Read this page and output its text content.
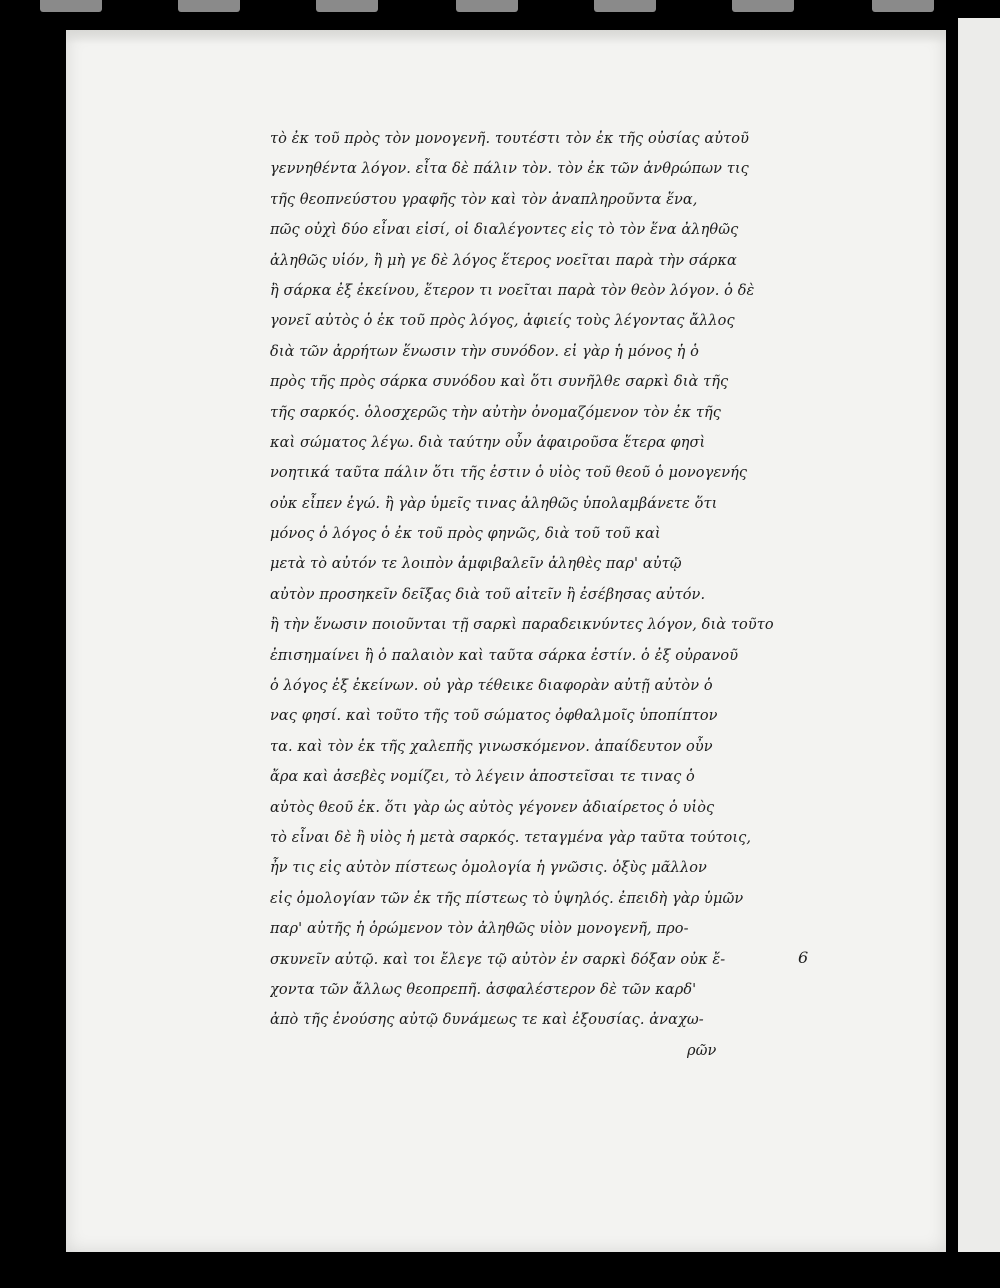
τὸ ἐκ τοῦ πρὸς τὸν μονογενῆ. τουτέστι τὸν ἐκ τῆς οὐσίας αὐτοῦ
γεννηθέντα λόγον. εἶτα δὲ πάλιν τὸν. τὸν ἐκ τῶν ἀνθρώπων τις
τῆς θεοπνεύστου γραφῆς τὸν καὶ τὸν ἀναπληροῦντα ἕνα,
πῶς οὐχὶ δύο εἶναι εἰσί, οἱ διαλέγοντες εἰς τὸ τὸν ἕνα ἀληθῶς
ἀληθῶς υἱόν, ἢ μὴ γε δὲ λόγος ἕτερος νοεῖται παρὰ τὴν σάρκα
ἢ σάρκα ἐξ ἐκείνου, ἕτερον τι νοεῖται παρὰ τὸν θεὸν λόγον. ὁ δὲ
γονεῖ αὐτὸς ὁ ἐκ τοῦ πρὸς λόγος, ἀφιείς τοὺς λέγοντας ἄλλος
διὰ τῶν ἀρρήτων ἕνωσιν τὴν συνόδον. εἰ γὰρ ἡ μόνος ἡ ὁ
πρὸς τῆς πρὸς σάρκα συνόδου καὶ ὅτι συνῆλθε σαρκὶ διὰ τῆς
τῆς σαρκός. ὁλοσχερῶς τὴν αὐτὴν ὀνομαζόμενον τὸν ἐκ τῆς
καὶ σώματος λέγω. διὰ ταύτην οὖν ἀφαιροῦσα ἕτερα φησὶ
νοητικά ταῦτα πάλιν ὅτι τῆς ἐστιν ὁ υἱὸς τοῦ θεοῦ ὁ μονογενής
οὐκ εἶπεν ἐγώ. ἢ γὰρ ὑμεῖς τινας ἀληθῶς ὑπολαμβάνετε ὅτι
μόνος ὁ λόγος ὁ ἐκ τοῦ πρὸς φηνῶς, διὰ τοῦ τοῦ καὶ
μετὰ τὸ αὐτόν τε λοιπὸν ἀμφιβαλεῖν ἀληθὲς παρ' αὐτῷ
αὐτὸν προσηκεῖν δεῖξας διὰ τοῦ αἰτεῖν ἢ ἐσέβησας αὐτόν.
ἢ τὴν ἕνωσιν ποιοῦνται τῇ σαρκὶ παραδεικνύντες λόγον, διὰ τοῦτο
ἐπισημαίνει ἢ ὁ παλαιὸν καὶ ταῦτα σάρκα ἐστίν. ὁ ἐξ οὐρανοῦ
ὁ λόγος ἐξ ἐκείνων. οὐ γὰρ τέθεικε διαφορὰν αὐτῇ αὐτὸν ὁ
νας φησί. καὶ τοῦτο τῆς τοῦ σώματος ὀφθαλμοῖς ὑποπίπτον
τα. καὶ τὸν ἐκ τῆς χαλεπῆς γινωσκόμενον. ἀπαίδευτον οὖν
ἄρα καὶ ἀσεβὲς νομίζει, τὸ λέγειν ἀποστεῖσαι τε τινας ὁ
αὐτὸς θεοῦ ἐκ. ὅτι γὰρ ὡς αὐτὸς γέγονεν ἀδιαίρετος ὁ υἱὸς
τὸ εἶναι δὲ ἢ υἱὸς ἡ μετὰ σαρκός. τεταγμένα γὰρ ταῦτα τούτοις,
ἦν τις εἰς αὐτὸν πίστεως ὁμολογία ἡ γνῶσις. ὀξὺς μᾶλλον
εἰς ὁμολογίαν τῶν ἐκ τῆς πίστεως τὸ ὑψηλός. ἐπειδὴ γὰρ ὑμῶν
παρ' αὐτῆς ἡ ὁρώμενον τὸν ἀληθῶς υἱὸν μονογενῆ, προ-
σκυνεῖν αὐτῷ. καὶ τοι ἔλεγε τῷ αὐτὸν ἐν σαρκὶ δόξαν οὐκ ἔ-
χοντα τῶν ἄλλως θεοπρεπῆ. ἀσφαλέστερον δὲ τῶν καρδ'
ἀπὸ τῆς ἐνούσης αὐτῷ δυνάμεως τε καὶ ἐξουσίας. ἀναχω-
ρῶν
6
